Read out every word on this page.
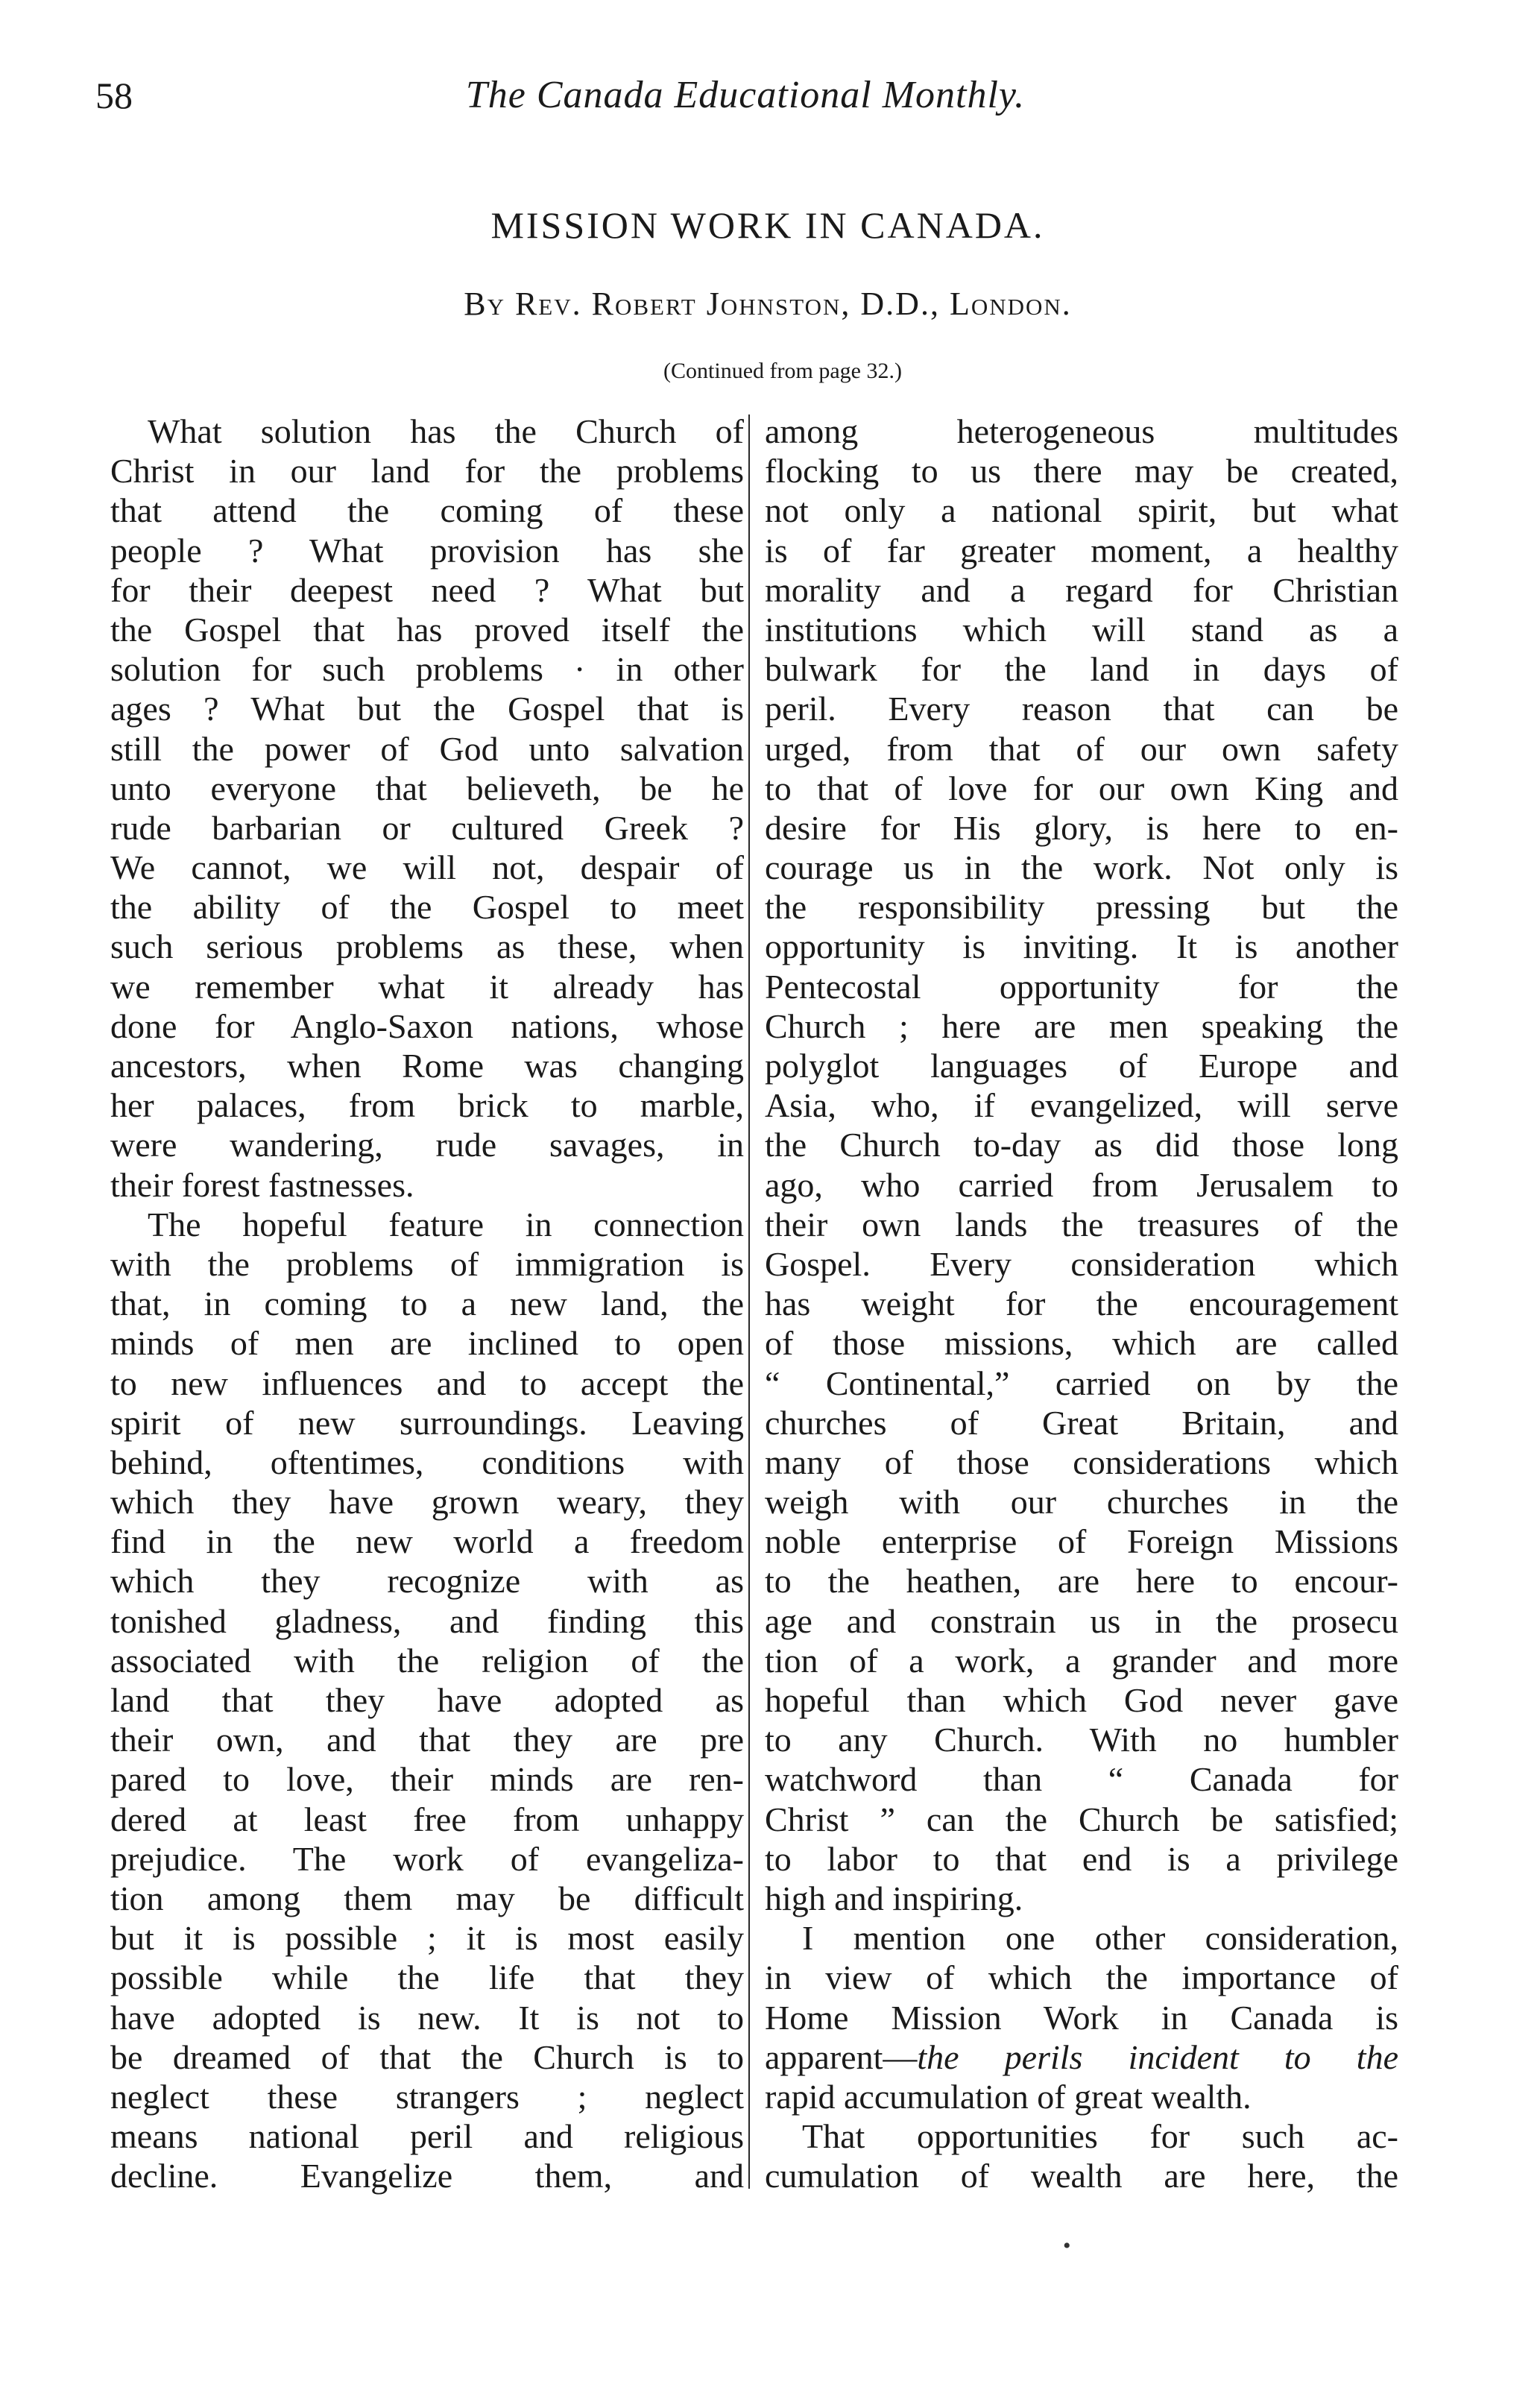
58	The Canada Educational Monthly.
MISSION WORK IN CANADA.
By Rev. Robert Johnston, D.D., London.
(Continued from page 32.)
What solution has the Church of
Christ in our land for the problems
that attend the coming of these
people ? What provision has she
for their deepest need ? What but
the Gospel that has proved itself the
solution for such problems · in other
ages ? What but the Gospel that is
still the power of God unto salvation
unto everyone that believeth, be he
rude barbarian or cultured Greek ?
We cannot, we will not, despair of
the ability of the Gospel to meet
such serious problems as these, when
we remember what it already has
done for Anglo-Saxon nations, whose
ancestors, when Rome was changing
her palaces, from brick to marble,
were wandering, rude savages, in
their forest fastnesses.
The hopeful feature in connection
with the problems of immigration is
that, in coming to a new land, the
minds of men are inclined to open
to new influences and to accept the
spirit of new surroundings. Leaving
behind, oftentimes, conditions with
which they have grown weary, they
find in the new world a freedom
which they recognize with as
tonished gladness, and finding this
associated with the religion of the
land that they have adopted as
their own, and that they are pre
pared to love, their minds are ren-
dered at least free from unhappy
prejudice. The work of evangeliza-
tion among them may be difficult
but it is possible ; it is most easily
possible while the life that they
have adopted is new. It is not to
be dreamed of that the Church is to
neglect these strangers ; neglect
means national peril and religious
decline. Evangelize them, and
among heterogeneous multitudes
flocking to us there may be created,
not only a national spirit, but what
is of far greater moment, a healthy
morality and a regard for Christian
institutions which will stand as a
bulwark for the land in days of
peril. Every reason that can be
urged, from that of our own safety
to that of love for our own King and
desire for His glory, is here to en-
courage us in the work. Not only is
the responsibility pressing but the
opportunity is inviting. It is another
Pentecostal opportunity for the
Church ; here are men speaking the
polyglot languages of Europe and
Asia, who, if evangelized, will serve
the Church to-day as did those long
ago, who carried from Jerusalem to
their own lands the treasures of the
Gospel. Every consideration which
has weight for the encouragement
of those missions, which are called
“ Continental,” carried on by the
churches of Great Britain, and
many of those considerations which
weigh with our churches in the
noble enterprise of Foreign Missions
to the heathen, are here to encour-
age and constrain us in the prosecu
tion of a work, a grander and more
hopeful than which God never gave
to any Church. With no humbler
watchword than “ Canada for
Christ ” can the Church be satisfied;
to labor to that end is a privilege
high and inspiring.
I mention one other consideration,
in view of which the importance of
Home Mission Work in Canada is
apparent—the perils incident to the
rapid accumulation of great wealth.
That opportunities for such ac-
cumulation of wealth are here, the
•
